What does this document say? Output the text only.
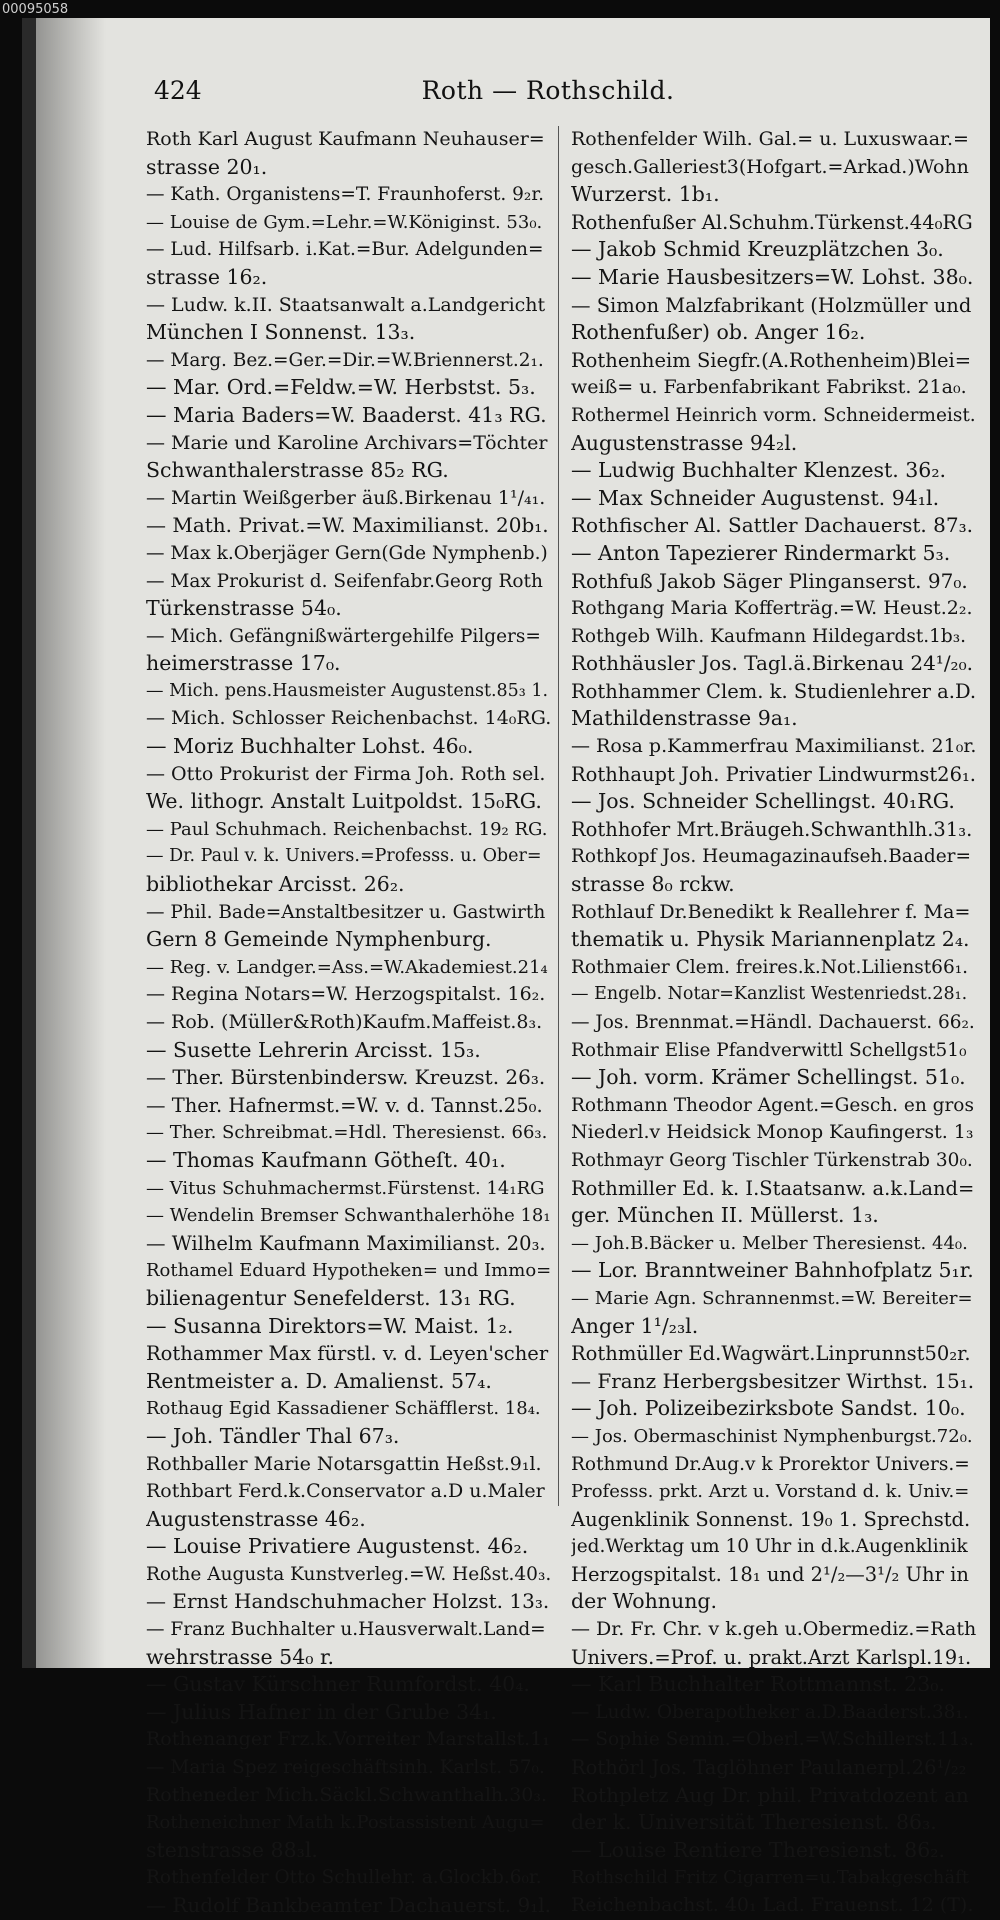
00095058
424	Roth — Rothschild.
Roth Karl August Kaufmann Neuhauser=
strasse 20₁.
— Kath. Organistens=T. Fraunhoferst. 9₂r.
— Louise de Gym.=Lehr.=W.Königinst. 53₀.
— Lud. Hilfsarb. i.Kat.=Bur. Adelgunden=
strasse 16₂.
— Ludw. k.II. Staatsanwalt a.Landgericht
München I Sonnenst. 13₃.
— Marg. Bez.=Ger.=Dir.=W.Briennerst.2₁.
— Mar. Ord.=Feldw.=W. Herbstst. 5₃.
— Maria Baders=W. Baaderst. 41₃ RG.
— Marie und Karoline Archivars=Töchter
Schwanthalerstrasse 85₂ RG.
— Martin Weißgerber äuß.Birkenau 1¹/₄₁.
— Math. Privat.=W. Maximilianst. 20b₁.
— Max k.Oberjäger Gern(Gde Nymphenb.)
— Max Prokurist d. Seifenfabr.Georg Roth
Türkenstrasse 54₀.
— Mich. Gefängnißwärtergehilfe Pilgers=
heimerstrasse 17₀.
— Mich. pens.Hausmeister Augustenst.85₃ 1.
— Mich. Schlosser Reichenbachst. 14₀RG.
— Moriz Buchhalter Lohst. 46₀.
— Otto Prokurist der Firma Joh. Roth sel.
We. lithogr. Anstalt Luitpoldst. 15₀RG.
— Paul Schuhmach. Reichenbachst. 19₂ RG.
— Dr. Paul v. k. Univers.=Professs. u. Ober=
bibliothekar Arcisst. 26₂.
— Phil. Bade=Anstaltbesitzer u. Gastwirth
Gern 8 Gemeinde Nymphenburg.
— Reg. v. Landger.=Ass.=W.Akademiest.21₄
— Regina Notars=W. Herzogspitalst. 16₂.
— Rob. (Müller&Roth)Kaufm.Maffeist.8₃.
— Susette Lehrerin Arcisst. 15₃.
— Ther. Bürstenbindersw. Kreuzst. 26₃.
— Ther. Hafnermst.=W. v. d. Tannst.25₀.
— Ther. Schreibmat.=Hdl. Theresienst. 66₃.
— Thomas Kaufmann Götheſt. 40₁.
— Vitus Schuhmachermst.Fürstenst. 14₁RG
— Wendelin Bremser Schwanthalerhöhe 18₁
— Wilhelm Kaufmann Maximilianst. 20₃.
Rothamel Eduard Hypotheken= und Immo=
bilienagentur Senefelderst. 13₁ RG.
— Susanna Direktors=W. Maist. 1₂.
Rothammer Max fürstl. v. d. Leyen'scher
Rentmeister a. D. Amalienst. 57₄.
Rothaug Egid Kassadiener Schäfflerst. 18₄.
— Joh. Tändler Thal 67₃.
Rothballer Marie Notarsgattin Heßst.9₁l.
Rothbart Ferd.k.Conservator a.D u.Maler
Augustenstrasse 46₂.
— Louise Privatiere Augustenst. 46₂.
Rothe Augusta Kunstverleg.=W. Heßst.40₃.
— Ernst Handschuhmacher Holzst. 13₃.
— Franz Buchhalter u.Hausverwalt.Land=
wehrstrasse 54₀ r.
— Gustav Kürschner Rumfordst. 40₄.
— Julius Hafner in der Grube 34₁.
Rothenanger Frz.k.Vorreiter Marstallst.1₁
— Maria Spez reigeschäftsinh. Karlst. 57₀.
Rotheneder Mich.Säckl.Schwanthalh.30₃.
Rotheneichner Math k.Postassistent Augu=
stenstrasse 88₃l.
Rothenfelder Otto Schullehr. a.Glockb.6₀r.
— Rudolf Bankbeamter Dachauerst. 9₁l.
Rothenfelder Wilh. Gal.= u. Luxuswaar.=
gesch.Galleriest3(Hofgart.=Arkad.)Wohn
Wurzerst. 1b₁.
Rothenfußer Al.Schuhm.Türkenst.44₀RG
— Jakob Schmid Kreuzplätzchen 3₀.
— Marie Hausbesitzers=W. Lohst. 38₀.
— Simon Malzfabrikant (Holzmüller und
Rothenfußer) ob. Anger 16₂.
Rothenheim Siegfr.(A.Rothenheim)Blei=
weiß= u. Farbenfabrikant Fabrikst. 21a₀.
Rothermel Heinrich vorm. Schneidermeist.
Augustenstrasse 94₂l.
— Ludwig Buchhalter Klenzest. 36₂.
— Max Schneider Augustenst. 94₁l.
Rothfischer Al. Sattler Dachauerst. 87₃.
— Anton Tapezierer Rindermarkt 5₃.
Rothfuß Jakob Säger Plinganserst. 97₀.
Rothgang Maria Kofferträg.=W. Heust.2₂.
Rothgeb Wilh. Kaufmann Hildegardst.1b₃.
Rothhäusler Jos. Tagl.ä.Birkenau 24¹/₂₀.
Rothhammer Clem. k. Studienlehrer a.D.
Mathildenstrasse 9a₁.
— Rosa p.Kammerfrau Maximilianst. 21₀r.
Rothhaupt Joh. Privatier Lindwurmst26₁.
— Jos. Schneider Schellingst. 40₁RG.
Rothhofer Mrt.Bräugeh.Schwanthlh.31₃.
Rothkopf Jos. Heumagazinaufseh.Baader=
strasse 8₀ rckw.
Rothlauf Dr.Benedikt k Reallehrer f. Ma=
thematik u. Physik Mariannenplatz 2₄.
Rothmaier Clem. freires.k.Not.Lilienst66₁.
— Engelb. Notar=Kanzlist Westenriedst.28₁.
— Jos. Brennmat.=Händl. Dachauerst. 66₂.
Rothmair Elise Pfandverwittl Schellgst51₀
— Joh. vorm. Krämer Schellingst. 51₀.
Rothmann Theodor Agent.=Gesch. en gros
Niederl.v Heidsick Monop Kaufingerst. 1₃
Rothmayr Georg Tischler Türkenstrab 30₀.
Rothmiller Ed. k. I.Staatsanw. a.k.Land=
ger. München II. Müllerst. 1₃.
— Joh.B.Bäcker u. Melber Theresienst. 44₀.
— Lor. Branntweiner Bahnhofplatz 5₁r.
— Marie Agn. Schrannenmst.=W. Bereiter=
Anger 1¹/₂₃l.
Rothmüller Ed.Wagwärt.Linprunnst50₂r.
— Franz Herbergsbesitzer Wirthst. 15₁.
— Joh. Polizeibezirksbote Sandst. 10₀.
— Jos. Obermaschinist Nymphenburgst.72₀.
Rothmund Dr.Aug.v k Prorektor Univers.=
Professs. prkt. Arzt u. Vorstand d. k. Univ.=
Augenklinik Sonnenst. 19₀ 1. Sprechstd.
jed.Werktag um 10 Uhr in d.k.Augenklinik
Herzogspitalst. 18₁ und 2¹/₂—3¹/₂ Uhr in
der Wohnung.
— Dr. Fr. Chr. v k.geh u.Obermediz.=Rath
Univers.=Prof. u. prakt.Arzt Karlspl.19₁.
— Karl Buchhalter Rottmannst. 23₀.
— Ludw. Oberapotheker a.D.Baaderst.38₁.
— Sophie Semin.=Oberl.=W.Schillerst.11₃.
Rothörl Jos. Taglöhner Paulanerpl.26¹/₂₂
Rothpletz Aug Dr. phil. Privatdozent an
der k. Universität Theresienst. 86₃.
— Louise Rentiere Theresienst. 86₂.
Rothschild Fritz Cigarren=u.Tabakgeschäft
Reichenbachst. 40₁ Lad. Frauenst. 12 (T).
